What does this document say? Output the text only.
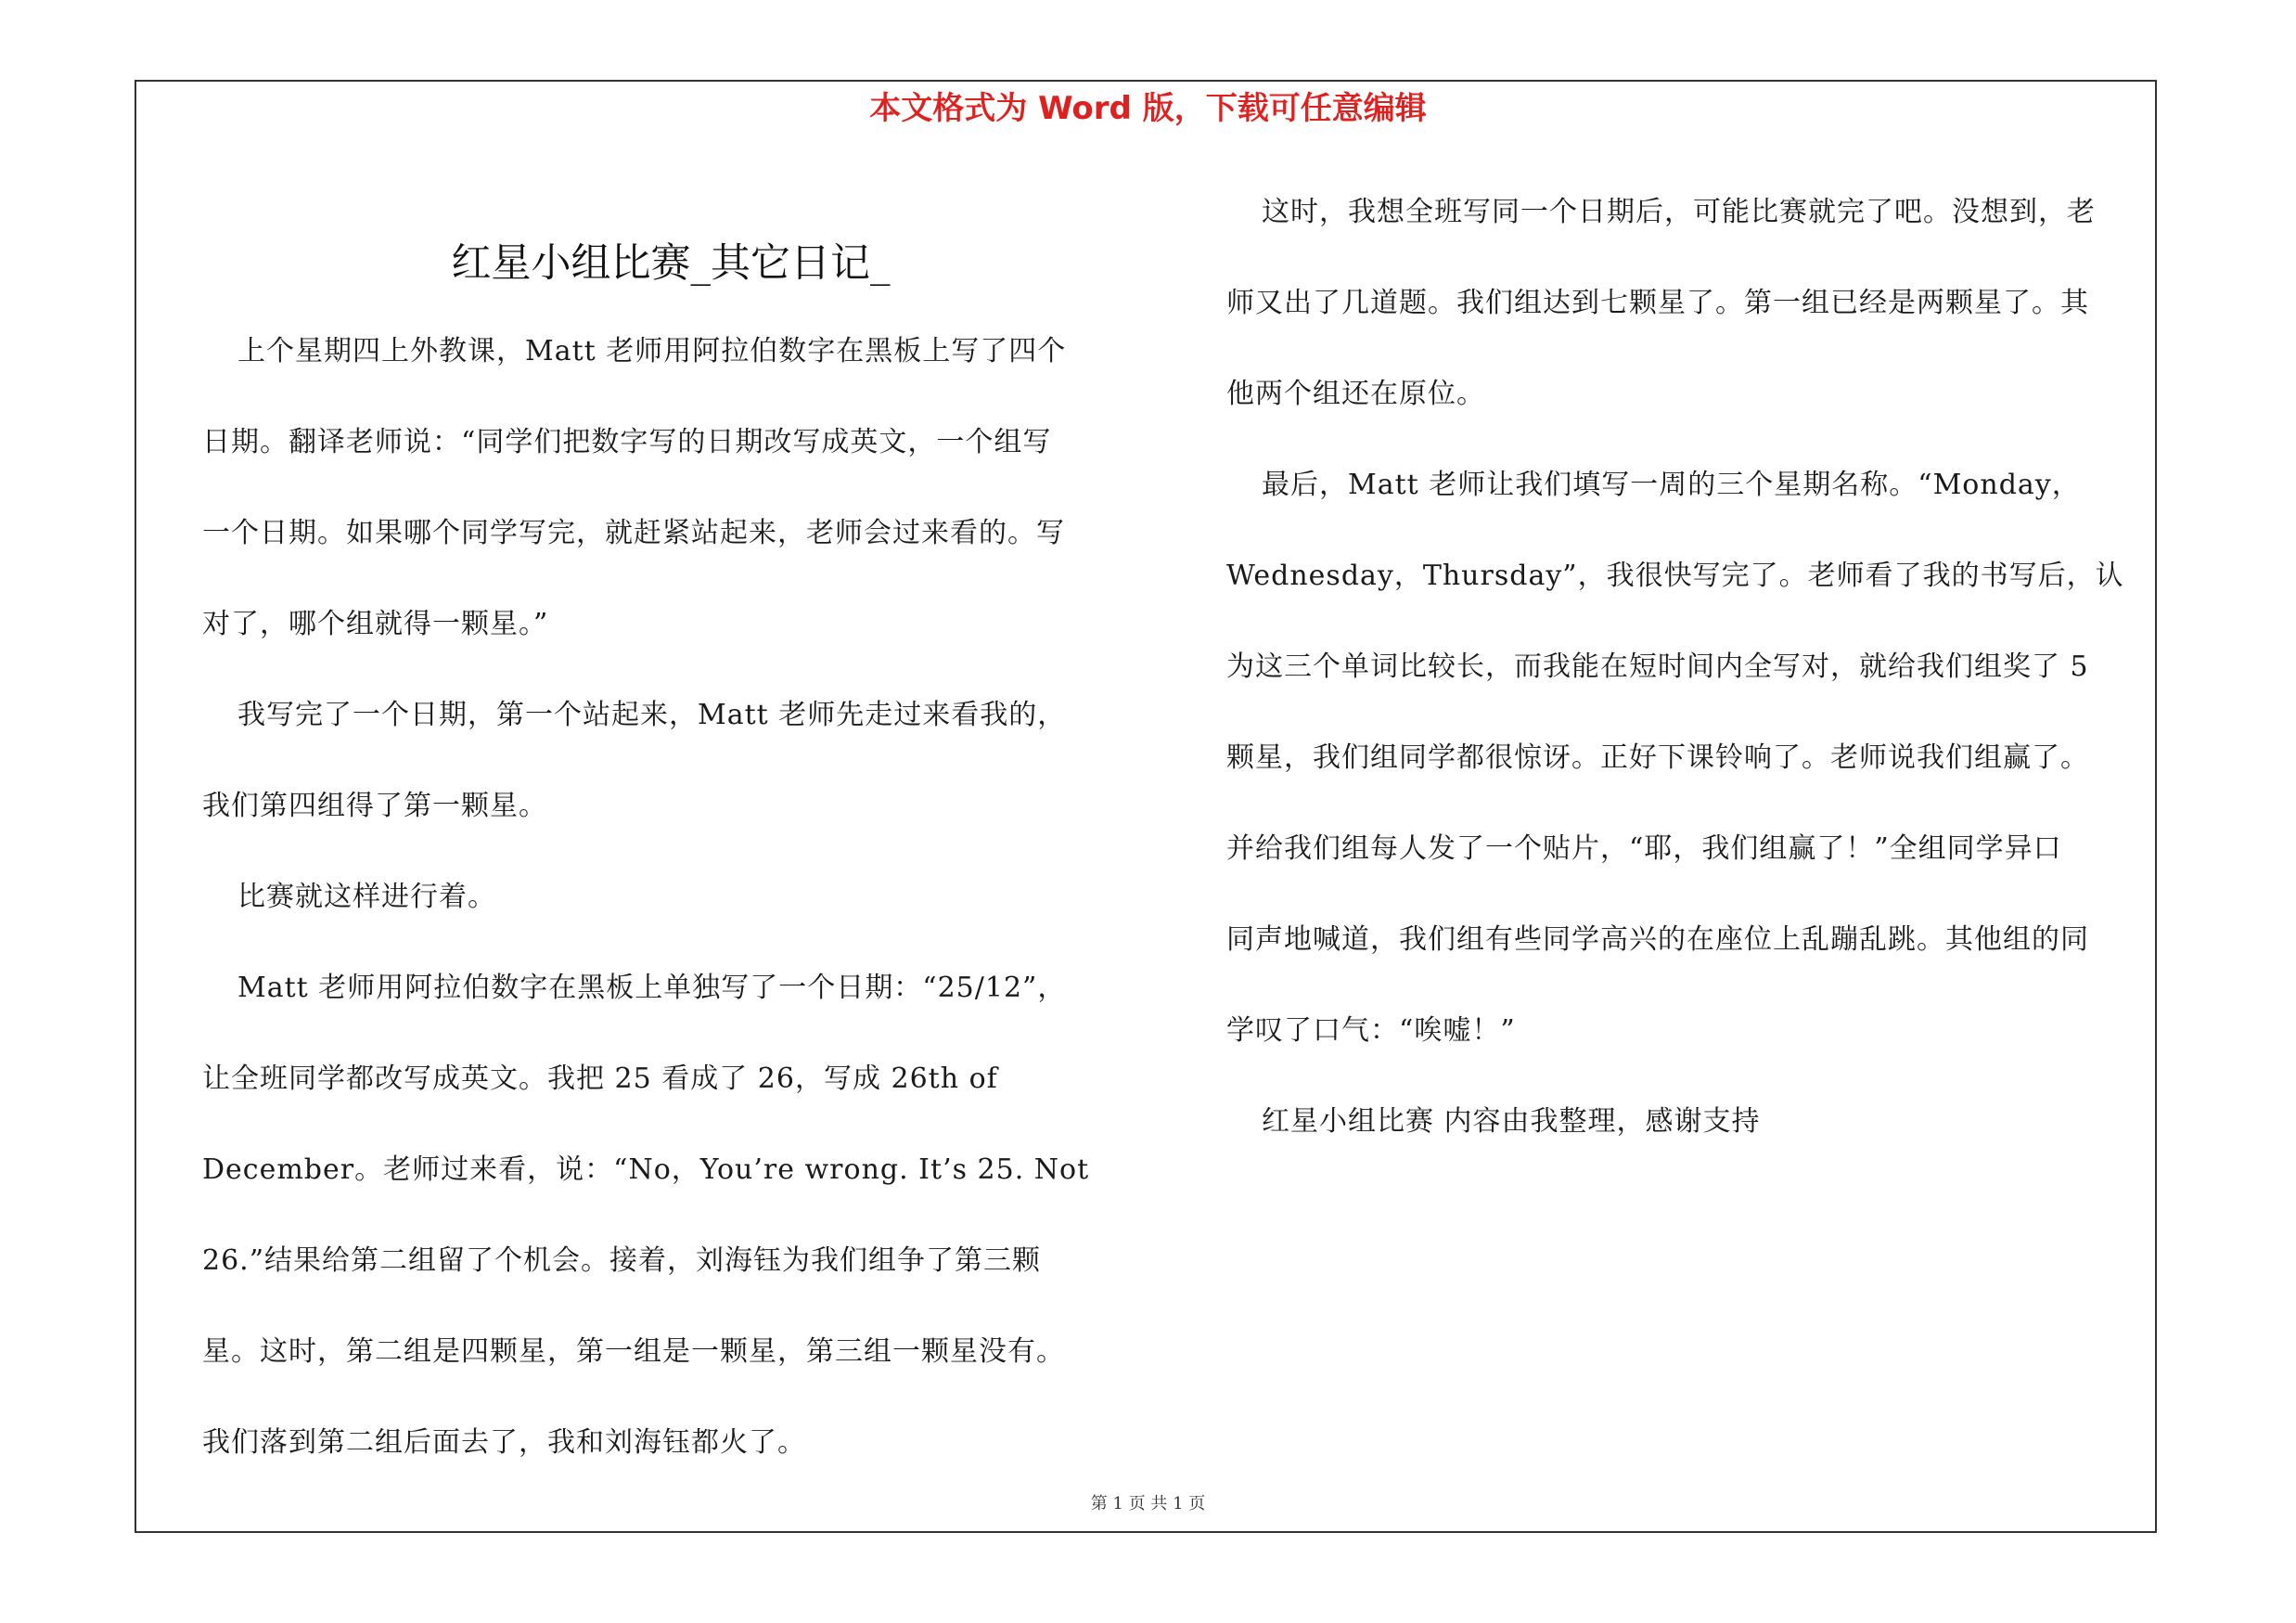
本文格式为 Word 版，下载可任意编辑
红星小组比赛_其它日记_
上个星期四上外教课，Matt 老师用阿拉伯数字在黑板上写了四个
日期。翻译老师说：“同学们把数字写的日期改写成英文，一个组写
一个日期。如果哪个同学写完，就赶紧站起来，老师会过来看的。写
对了，哪个组就得一颗星。”
我写完了一个日期，第一个站起来，Matt 老师先走过来看我的，
我们第四组得了第一颗星。
比赛就这样进行着。
Matt 老师用阿拉伯数字在黑板上单独写了一个日期：“25/12”，
让全班同学都改写成英文。我把 25 看成了 26，写成 26th of
December。老师过来看，说：“No，You’re wrong. It’s 25. Not
26.”结果给第二组留了个机会。接着，刘海钰为我们组争了第三颗
星。这时，第二组是四颗星，第一组是一颗星，第三组一颗星没有。
我们落到第二组后面去了，我和刘海钰都火了。
这时，我想全班写同一个日期后，可能比赛就完了吧。没想到，老
师又出了几道题。我们组达到七颗星了。第一组已经是两颗星了。其
他两个组还在原位。
最后，Matt 老师让我们填写一周的三个星期名称。“Monday，
Wednesday，Thursday”，我很快写完了。老师看了我的书写后，认
为这三个单词比较长，而我能在短时间内全写对，就给我们组奖了 5
颗星，我们组同学都很惊讶。正好下课铃响了。老师说我们组赢了。
并给我们组每人发了一个贴片，“耶，我们组赢了！”全组同学异口
同声地喊道，我们组有些同学高兴的在座位上乱蹦乱跳。其他组的同
学叹了口气：“唉嘘！”
红星小组比赛 内容由我整理，感谢支持
第 1 页 共 1 页
